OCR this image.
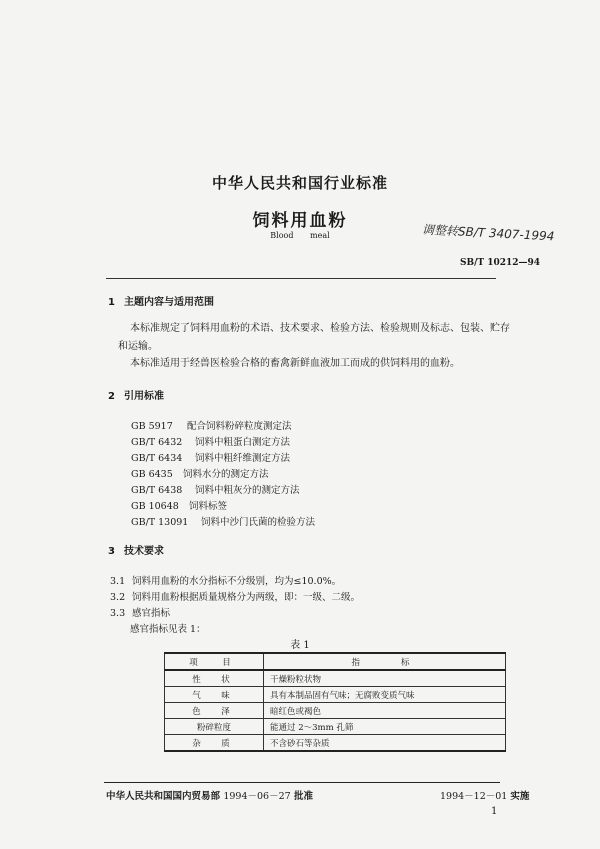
中华人民共和国行业标准
饲料用血粉
Blood meal	调整转SB/T 3407-1994
SB/T 10212—94
1 主题内容与适用范围
本标准规定了饲料用血粉的术语、技术要求、检验方法、检验规则及标志、包装、贮存和运输。
本标准适用于经兽医检验合格的畜禽新鲜血液加工而成的供饲料用的血粉。
2 引用标准
GB 5917 配合饲料粉碎粒度测定法
GB/T 6432 饲料中粗蛋白测定方法
GB/T 6434 饲料中粗纤维测定方法
GB 6435 饲料水分的测定方法
GB/T 6438 饲料中粗灰分的测定方法
GB 10648 饲料标签
GB/T 13091 饲料中沙门氏菌的检验方法
3 技术要求
3.1 饲料用血粉的水分指标不分级别，均为≤10.0%。
3.2 饲料用血粉根据质量规格分为两级，即：一级、二级。
3.3 感官指标
感官指标见表 1：
表 1
项　目	指　　标
性　状	干燥粉粒状物
气　味	具有本制品固有气味；无腐败变质气味
色　泽	暗红色或褐色
粉碎粒度	能通过 2～3mm 孔筛
杂　质	不含砂石等杂质
中华人民共和国国内贸易部 1994－06－27 批准	1994－12－01 实施
1
